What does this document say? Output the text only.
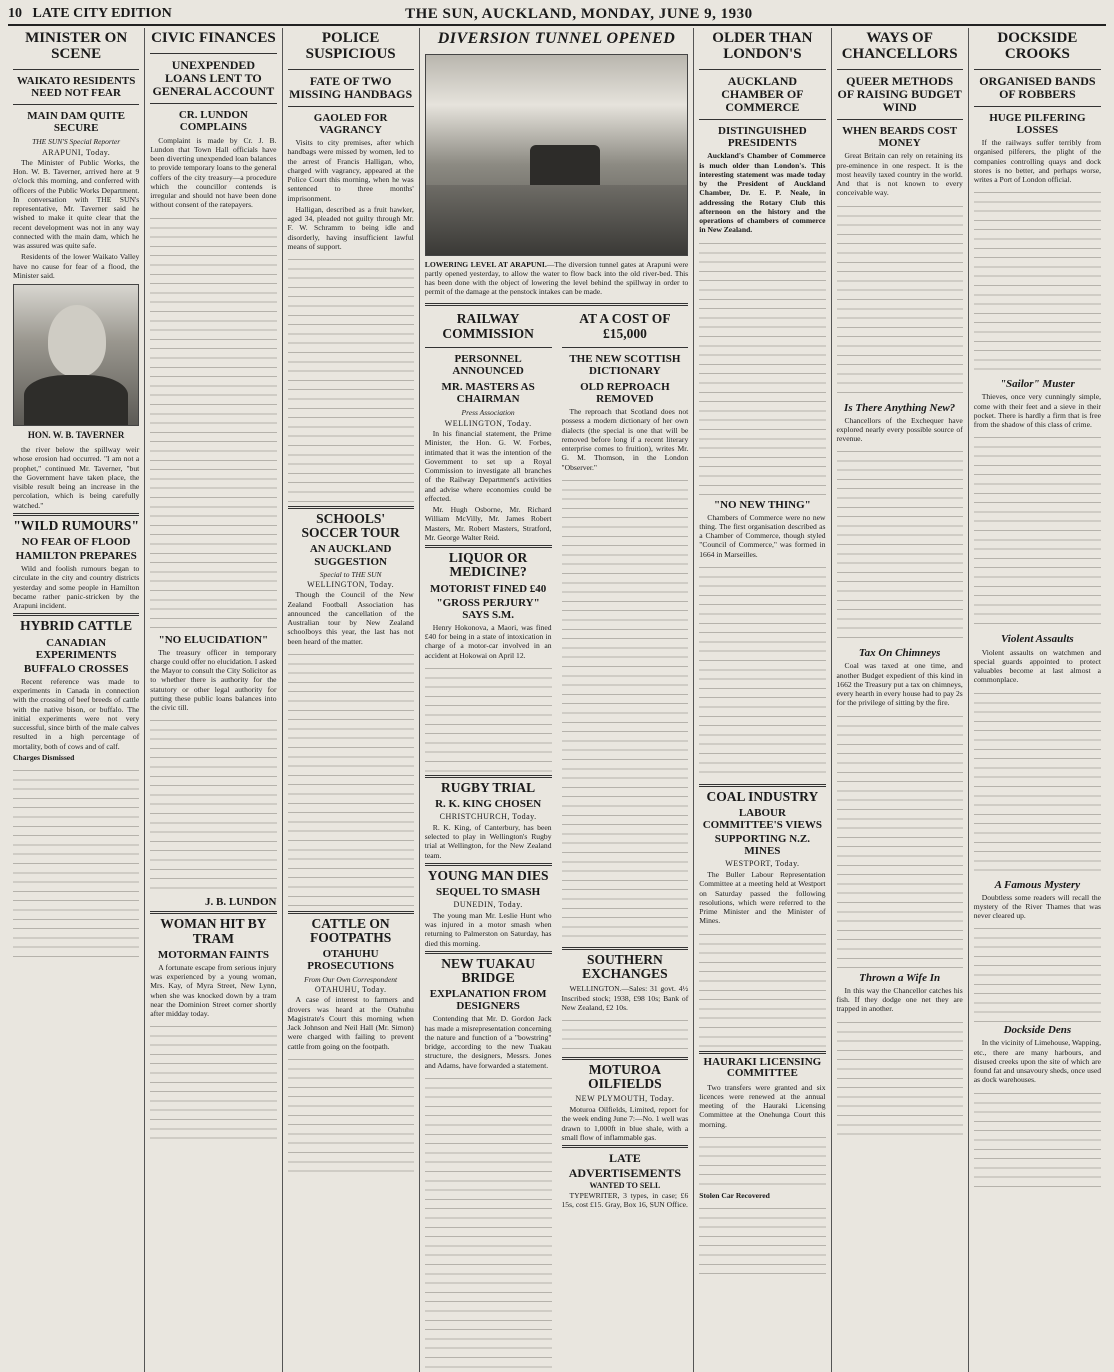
10 LATE CITY EDITION	THE SUN, AUCKLAND, MONDAY, JUNE 9, 1930
MINISTER ON SCENE
WAIKATO RESIDENTS NEED NOT FEAR
MAIN DAM QUITE SECURE
THE SUN'S Special Reporter
ARAPUNI, Today.

The Minister of Public Works, the Hon. W. B. Taverner, arrived here at 9 o'clock this morning, and conferred with officers of the Public Works Department. In conversation with THE SUN's representative, Mr. Taverner said he wished to make it quite clear that the recent development was not in any way connected with the main dam, which he was assured was quite safe.

Residents of the lower Waikato Valley have no cause for fear of a flood, the Minister said.

HON. W. B. TAVERNER

the river below the spillway weir whose erosion had occurred. "I am not a prophet," continued Mr. Taverner, "but the Government have taken place, the visible result being an increase in the percolation, which is being carefully watched."

"WILD RUMOURS"
NO FEAR OF FLOOD
HAMILTON PREPARES

Wild and foolish rumours began to circulate in the city and country districts yesterday and some people in Hamilton became rather panic-stricken by the Arapuni incident.

HYBRID CATTLE
CANADIAN EXPERIMENTS
BUFFALO CROSSES

Recent reference was made to experiments in Canada in connection with the crossing of beef breeds of cattle with the native bison, or buffalo. The initial experiments were not very successful, since birth of the male calves resulted in a high percentage of mortality, both of cows and of calf.

Charges Dismissed

CIVIC FINANCES
UNEXPENDED LOANS LENT TO GENERAL ACCOUNT
CR. LUNDON COMPLAINS

Complaint is made by Cr. J. B. Lundon that Town Hall officials have been diverting unexpended loan balances to provide temporary loans to the general coffers of the city treasury—a procedure which the councillor contends is irregular and should not have been done without consent of the ratepayers.

"NO ELUCIDATION"

The treasury officer in temporary charge could offer no elucidation. I asked the Mayor to consult the City Solicitor as to whether there is authority for the statutory or other legal authority for putting these public loans balances into the civic till.

J. B. LUNDON
WOMAN HIT BY TRAM
MOTORMAN FAINTS

A fortunate escape from serious injury was experienced by a young woman, Mrs. Kay, of Myra Street, New Lynn, when she was knocked down by a tram near the Dominion Street corner shortly after midday today.

POLICE SUSPICIOUS
FATE OF TWO MISSING HANDBAGS
GAOLED FOR VAGRANCY

Visits to city premises, after which handbags were missed by women, led to the arrest of Francis Halligan, who, charged with vagrancy, appeared at the Police Court this morning, when he was sentenced to three months' imprisonment.

Halligan, described as a fruit hawker, aged 34, pleaded not guilty through Mr. F. W. Schramm to being idle and disorderly, having insufficient lawful means of support.

SCHOOLS' SOCCER TOUR
AN AUCKLAND SUGGESTION
Special to THE SUN
WELLINGTON, Today.

Though the Council of the New Zealand Football Association has announced the cancellation of the Australian tour by New Zealand schoolboys this year, the last has not been heard of the matter.

CATTLE ON FOOTPATHS
OTAHUHU PROSECUTIONS
From Our Own Correspondent
OTAHUHU, Today.

A case of interest to farmers and drovers was heard at the Otahuhu Magistrate's Court this morning when Jack Johnson and Neil Hall (Mr. Simon) were charged with failing to prevent cattle from going on the footpath.

DIVERSION TUNNEL OPENED
LOWERING LEVEL AT ARAPUNI.—The diversion tunnel gates at Arapuni were partly opened yesterday, to allow the water to flow back into the old river-bed. This has been done with the object of lowering the level behind the spillway in order to permit of the damage at the penstock intakes can be made.
RAILWAY COMMISSION
PERSONNEL ANNOUNCED
MR. MASTERS AS CHAIRMAN
Press Association
WELLINGTON, Today.

In his financial statement, the Prime Minister, the Hon. G. W. Forbes, intimated that it was the intention of the Government to set up a Royal Commission to investigate all branches of the Railway Department's activities and advise where economies could be effected.

Mr. Hugh Osborne, Mr. Richard William McVilly, Mr. James Robert Masters, Mr. Robert Masters, Stratford, Mr. George Walter Reid.

LIQUOR OR MEDICINE?
MOTORIST FINED £40
"GROSS PERJURY" SAYS S.M.

Henry Hokonova, a Maori, was fined £40 for being in a state of intoxication in charge of a motor-car involved in an accident at Hokowai on April 12.

RUGBY TRIAL
R. K. KING CHOSEN
CHRISTCHURCH, Today.

R. K. King, of Canterbury, has been selected to play in Wellington's Rugby trial at Wellington, for the New Zealand team.

YOUNG MAN DIES
SEQUEL TO SMASH
DUNEDIN, Today.

The young man Mr. Leslie Hunt who was injured in a motor smash when returning to Palmerston on Saturday, has died this morning.

NEW TUAKAU BRIDGE
EXPLANATION FROM DESIGNERS

Contending that Mr. D. Gordon Jack has made a misrepresentation concerning the nature and function of a "bowstring" bridge, according to the new Tuakau structure, the designers, Messrs. Jones and Adams, have forwarded a statement.

AT A COST OF £15,000
THE NEW SCOTTISH DICTIONARY
OLD REPROACH REMOVED

The reproach that Scotland does not possess a modern dictionary of her own dialects (the special is one that will be removed before long if a recent literary enterprise comes to fruition), writes Mr. G. M. Thomson, in the London "Observer."

SOUTHERN EXCHANGES

WELLINGTON.—Sales: 31 govt. 4½ Inscribed stock; 1938, £98 10s; Bank of New Zealand, £2 10s.

MOTUROA OILFIELDS
NEW PLYMOUTH, Today.

Moturoa Oilfields, Limited, report for the week ending June 7:—No. 1 well was drawn to 1,000ft in blue shale, with a small flow of inflammable gas.

LATE ADVERTISEMENTS
WANTED TO SELL

TYPEWRITER, 3 types, in case; £6 15s, cost £15. Gray, Box 16, SUN Office.

OLDER THAN LONDON'S
AUCKLAND CHAMBER OF COMMERCE
DISTINGUISHED PRESIDENTS

Auckland's Chamber of Commerce is much older than London's. This interesting statement was made today by the President of Auckland Chamber, Dr. E. P. Neale, in addressing the Rotary Club this afternoon on the history and the operations of chambers of commerce in New Zealand.

"NO NEW THING"

Chambers of Commerce were no new thing. The first organisation described as a Chamber of Commerce, though styled "Council of Commerce," was formed in 1664 in Marseilles.

COAL INDUSTRY
LABOUR COMMITTEE'S VIEWS
SUPPORTING N.Z. MINES
WESTPORT, Today.

The Buller Labour Representation Committee at a meeting held at Westport on Saturday passed the following resolutions, which were referred to the Prime Minister and the Minister of Mines.

HAURAKI LICENSING COMMITTEE

Two transfers were granted and six licences were renewed at the annual meeting of the Hauraki Licensing Committee at the Onehunga Court this morning.

Stolen Car Recovered

WAYS OF CHANCELLORS
QUEER METHODS OF RAISING BUDGET WIND
WHEN BEARDS COST MONEY

Great Britain can rely on retaining its pre-eminence in one respect. It is the most heavily taxed country in the world. And that is not known to every conceivable way.

Is There Anything New?

Chancellors of the Exchequer have explored nearly every possible source of revenue.

Tax On Chimneys

Coal was taxed at one time, and another Budget expedient of this kind in 1662 the Treasury put a tax on chimneys, every hearth in every house had to pay 2s for the privilege of sitting by the fire.

Thrown a Wife In

In this way the Chancellor catches his fish. If they dodge one net they are trapped in another.

DOCKSIDE CROOKS
ORGANISED BANDS OF ROBBERS
HUGE PILFERING LOSSES

If the railways suffer terribly from organised pilferers, the plight of the companies controlling quays and dock stores is no better, and perhaps worse, writes a Port of London official.

"Sailor" Muster

Thieves, once very cunningly simple, come with their feet and a sieve in their pocket. There is hardly a firm that is free from the shadow of this class of crime.

Violent Assaults

Violent assaults on watchmen and special guards appointed to protect valuables become at last almost a commonplace.

A Famous Mystery

Doubtless some readers will recall the mystery of the River Thames that was never cleared up.

Dockside Dens

In the vicinity of Limehouse, Wapping, etc., there are many harbours, and disused creeks upon the site of which are found fat and unsavoury sheds, once used as dock warehouses.
